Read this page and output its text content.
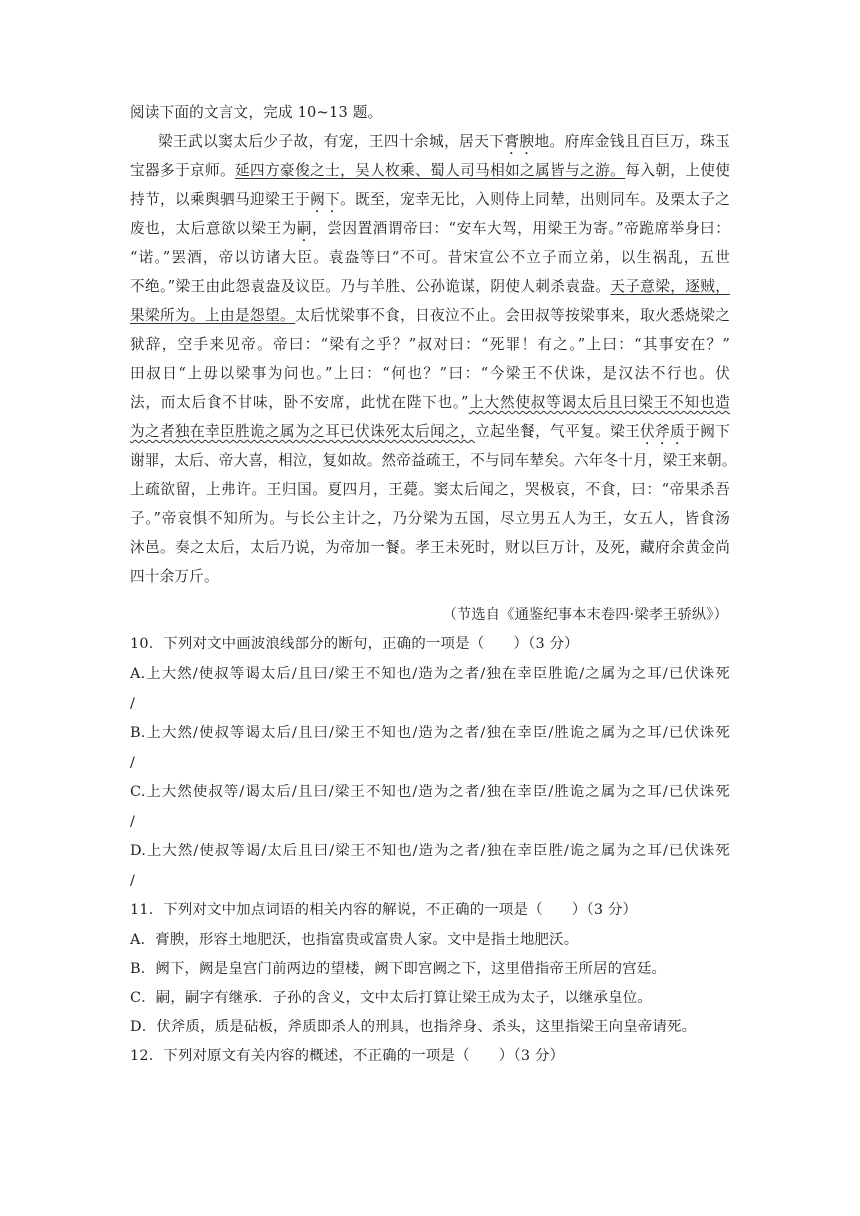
阅读下面的文言文，完成 10~13 题。
梁王武以窦太后少子故，有宠，王四十余城，居天下膏腴地。府库金钱且百巨万，珠玉
宝器多于京师。延四方豪俊之士，吴人枚乘、蜀人司马相如之属皆与之游。每入朝，上使使
持节，以乘舆驷马迎梁王于阙下。既至，宠幸无比，入则侍上同辇，出则同车。及栗太子之
废也，太后意欲以梁王为嗣，尝因置酒谓帝曰：“安车大驾，用梁王为寄。”帝跪席举身曰：
“诺。”罢酒，帝以访诸大臣。袁盎等曰“不可。昔宋宣公不立子而立弟，以生祸乱，五世
不绝。”梁王由此怨袁盎及议臣。乃与羊胜、公孙诡谋，阴使人刺杀袁盎。天子意梁，逐贼，
果梁所为。上由是怨望。太后忧梁事不食，日夜泣不止。会田叔等按梁事来，取火悉烧梁之
狱辞，空手来见帝。帝曰：“梁有之乎？”叔对曰：“死罪！有之。”上曰：“其事安在？”
田叔日“上毋以梁事为问也。”上曰：“何也？”曰：“今梁王不伏诛，是汉法不行也。伏
法，而太后食不甘味，卧不安席，此忧在陛下也。”上大然使叔等谒太后且曰梁王不知也造
为之者独在幸臣胜诡之属为之耳已伏诛死太后闻之，立起坐餐，气平复。梁王伏斧质于阙下
谢罪，太后、帝大喜，相泣，复如故。然帝益疏王，不与同车辇矣。六年冬十月，梁王来朝。
上疏欲留，上弗许。王归国。夏四月，王薨。窦太后闻之，哭极哀，不食，曰：“帝果杀吾
子。”帝哀惧不知所为。与长公主计之，乃分梁为五国，尽立男五人为王，女五人，皆食汤
沐邑。奏之太后，太后乃说，为帝加一餐。孝王未死时，财以巨万计，及死，藏府余黄金尚
四十余万斤。
（节选自《通鉴纪事本末卷四·梁孝王骄纵》）
10．下列对文中画波浪线部分的断句，正确的一项是（　　）（3 分）
A.上大然/使叔等谒太后/且曰/梁王不知也/造为之者/独在幸臣胜诡/之属为之耳/已伏诛死
/
B.上大然/使叔等谒太后/且曰/梁王不知也/造为之者/独在幸臣/胜诡之属为之耳/已伏诛死
/
C.上大然使叔等/谒太后/且曰/梁王不知也/造为之者/独在幸臣/胜诡之属为之耳/已伏诛死
/
D.上大然/使叔等谒/太后且曰/梁王不知也/造为之者/独在幸臣胜/诡之属为之耳/已伏诛死
/
11．下列对文中加点词语的相关内容的解说，不正确的一项是（　　）（3 分）
A．膏腴，形容土地肥沃，也指富贵或富贵人家。文中是指土地肥沃。
B．阙下，阙是皇宫门前两边的望楼，阙下即宫阙之下，这里借指帝王所居的宫廷。
C．嗣，嗣字有继承．子孙的含义，文中太后打算让梁王成为太子，以继承皇位。
D．伏斧质，质是砧板，斧质即杀人的刑具，也指斧身、杀头，这里指梁王向皇帝请死。
12．下列对原文有关内容的概述，不正确的一项是（　　）（3 分）
